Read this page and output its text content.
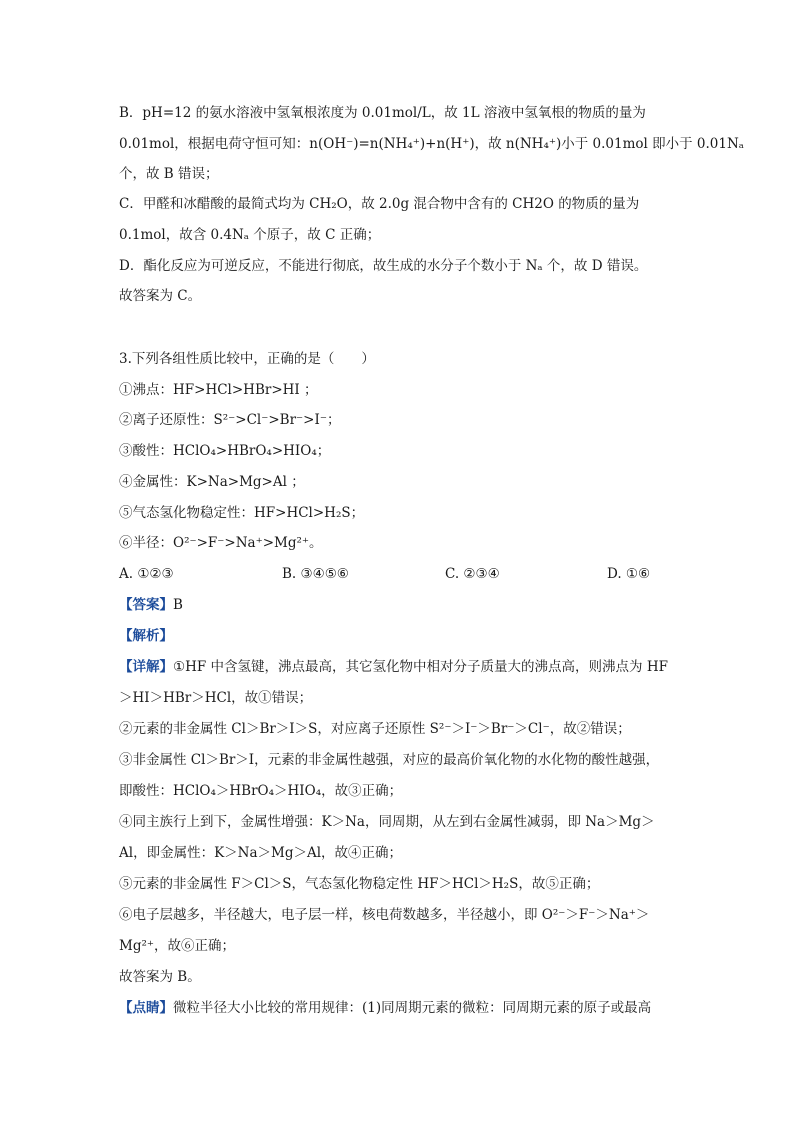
B．pH=12 的氨水溶液中氢氧根浓度为 0.01mol/L，故 1L 溶液中氢氧根的物质的量为
0.01mol，根据电荷守恒可知：n(OH⁻)=n(NH₄⁺)+n(H⁺)，故 n(NH₄⁺)小于 0.01mol 即小于 0.01Nₐ
个，故 B 错误；
C．甲醛和冰醋酸的最简式均为 CH₂O，故 2.0g 混合物中含有的 CH2O 的物质的量为
0.1mol，故含 0.4Nₐ 个原子，故 C 正确；
D．酯化反应为可逆反应，不能进行彻底，故生成的水分子个数小于 Nₐ 个，故 D 错误。
故答案为 C。
3.下列各组性质比较中，正确的是（　　）
①沸点：HF>HCl>HBr>HI ；
②离子还原性：S²⁻>Cl⁻>Br⁻>I⁻；
③酸性：HClO₄>HBrO₄>HIO₄；
④金属性：K>Na>Mg>Al ；
⑤气态氢化物稳定性：HF>HCl>H₂S；
⑥半径：O²⁻>F⁻>Na⁺>Mg²⁺。
A. ①②③	B. ③④⑤⑥	C. ②③④	D. ①⑥
【答案】B
【解析】
【详解】①HF 中含氢键，沸点最高，其它氢化物中相对分子质量大的沸点高，则沸点为 HF
＞HI＞HBr＞HCl，故①错误；
②元素的非金属性 Cl＞Br＞I＞S，对应离子还原性 S²⁻＞I⁻＞Br⁻＞Cl⁻，故②错误；
③非金属性 Cl＞Br＞I，元素的非金属性越强，对应的最高价氧化物的水化物的酸性越强，
即酸性：HClO₄＞HBrO₄＞HIO₄，故③正确；
④同主族行上到下，金属性增强：K＞Na，同周期，从左到右金属性减弱，即 Na＞Mg＞
Al，即金属性：K＞Na＞Mg＞Al，故④正确；
⑤元素的非金属性 F＞Cl＞S，气态氢化物稳定性 HF＞HCl＞H₂S，故⑤正确；
⑥电子层越多，半径越大，电子层一样，核电荷数越多，半径越小，即 O²⁻＞F⁻＞Na⁺＞
Mg²⁺，故⑥正确；
故答案为 B。
【点睛】微粒半径大小比较的常用规律：(1)同周期元素的微粒：同周期元素的原子或最高
